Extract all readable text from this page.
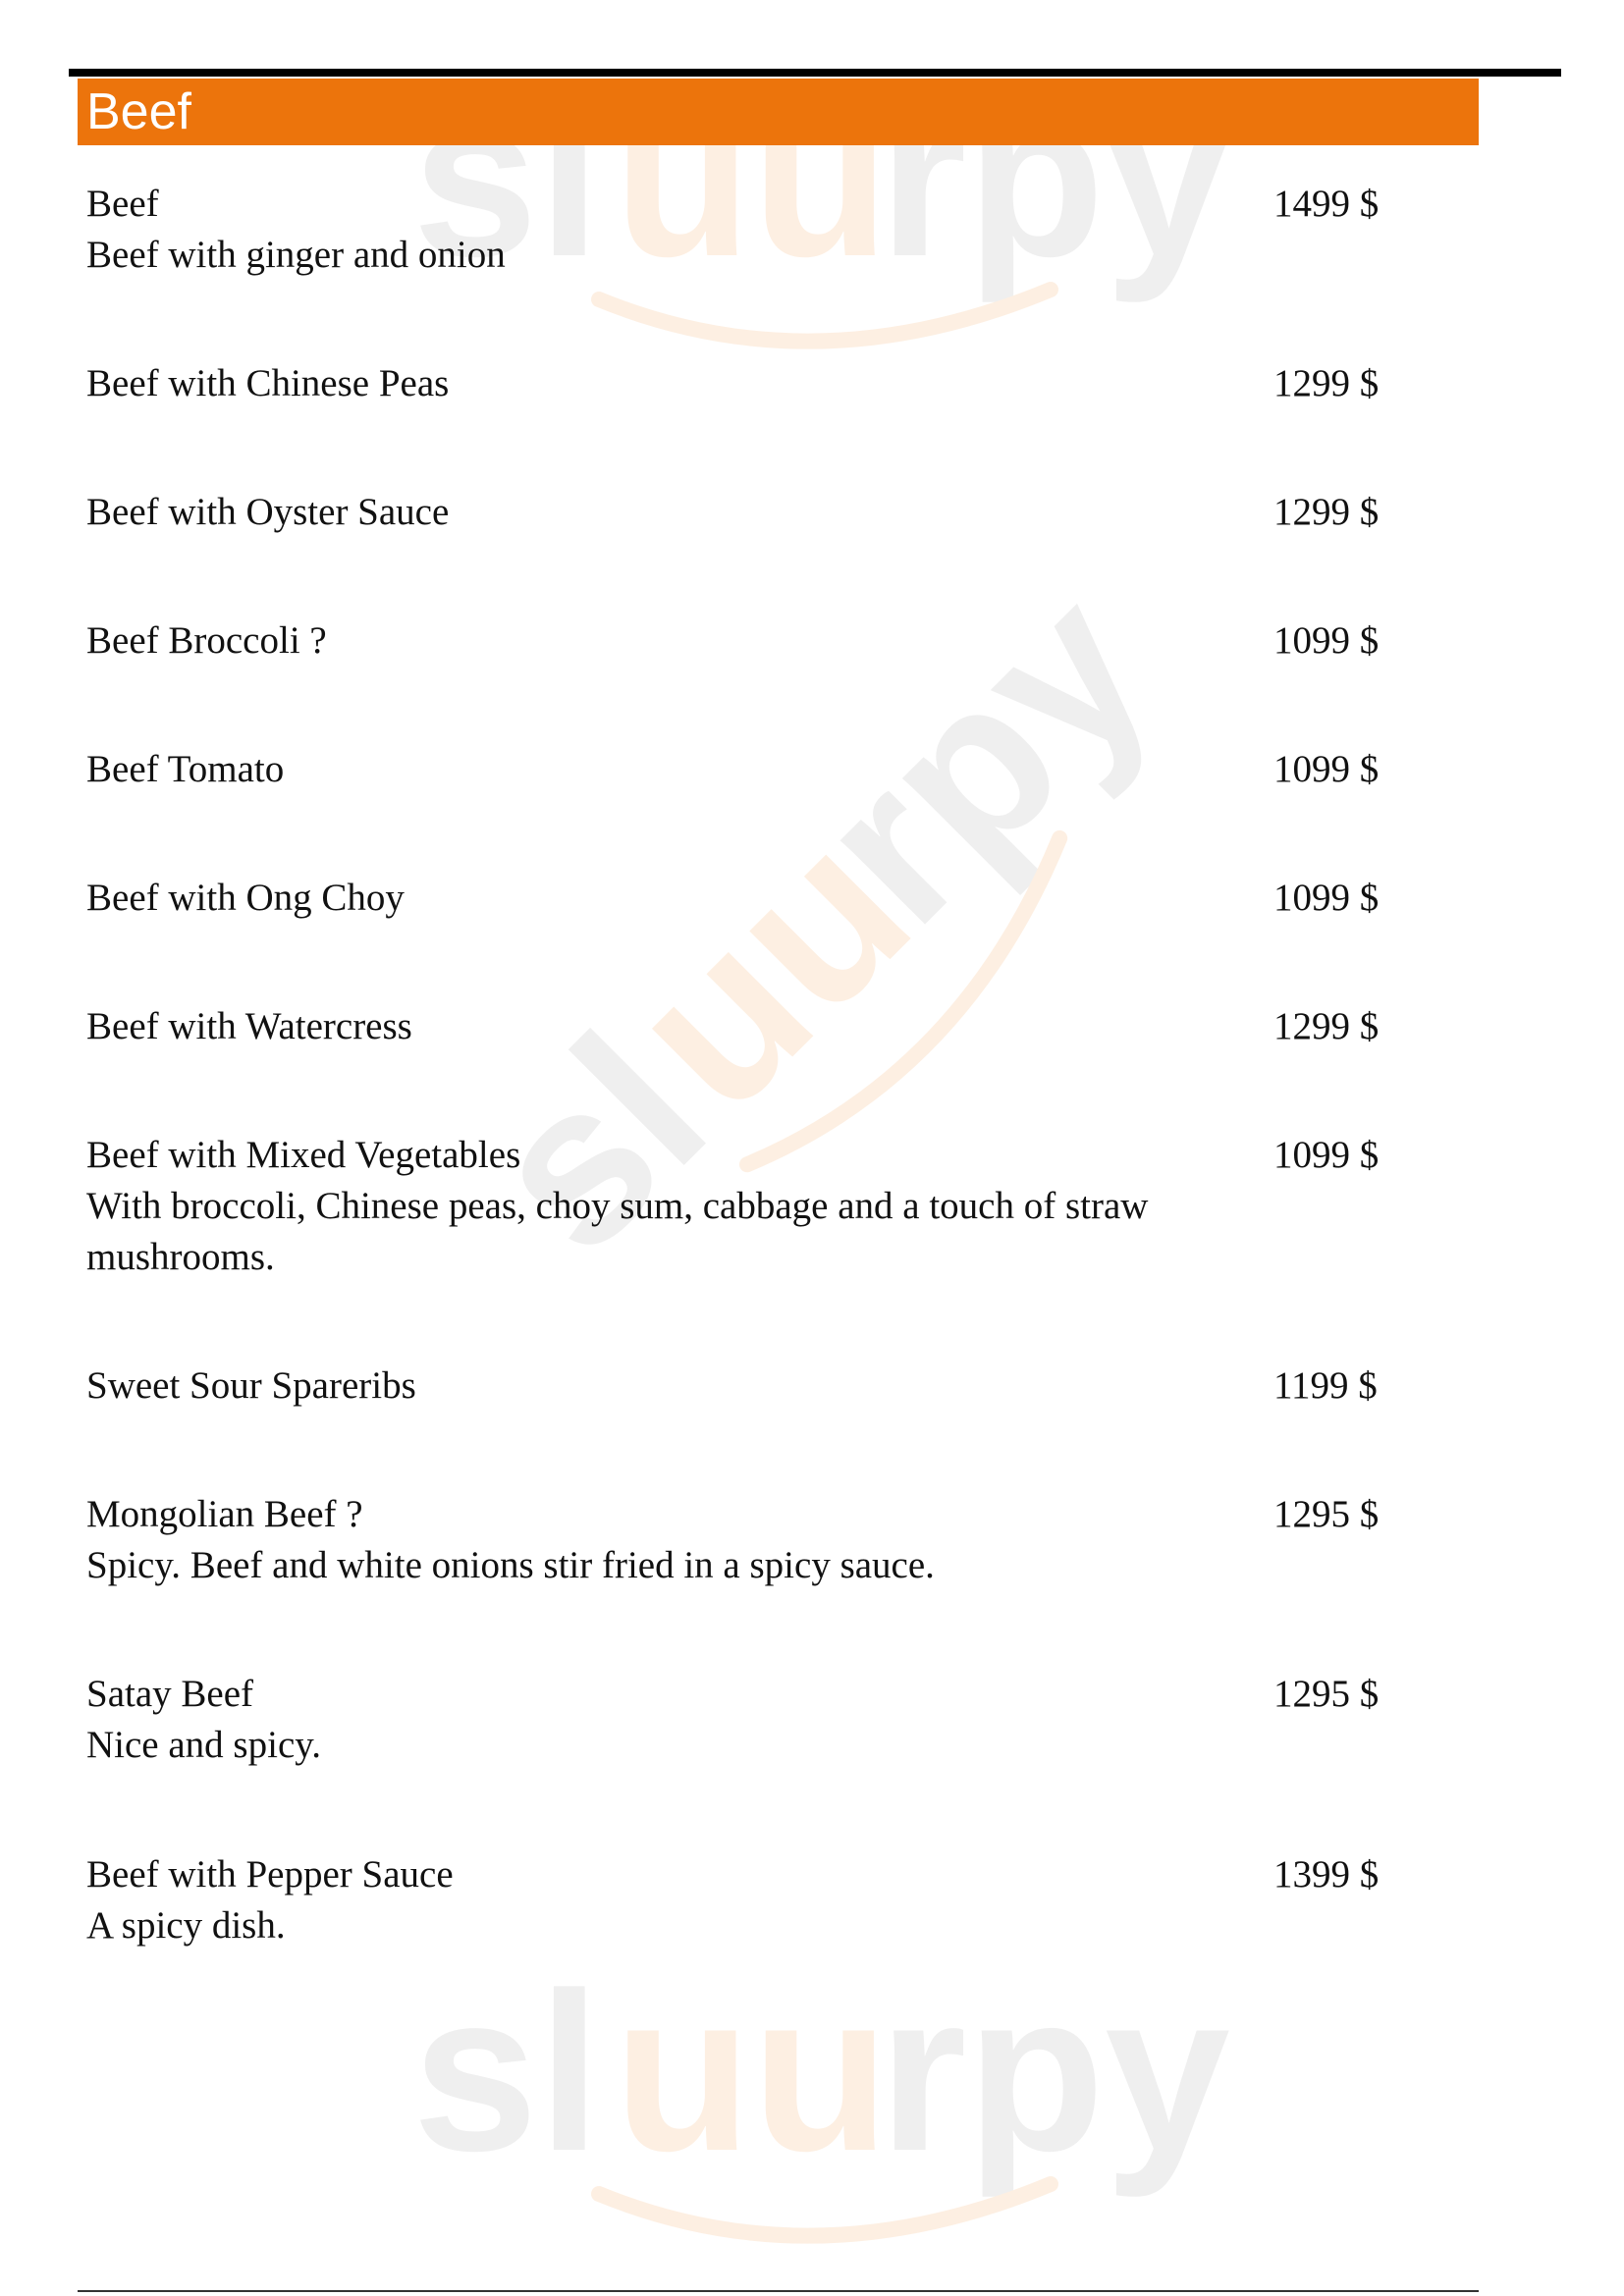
sl uu
rpy
sl
uu
rpy
sl uu
rpy
Beef
Beef
Beef with ginger and onion
1499 $
Beef with Chinese Peas	1299 $
Beef with Oyster Sauce	1299 $
Beef Broccoli ?	1099 $
Beef Tomato	1099 $
Beef with Ong Choy	1099 $
Beef with Watercress	1299 $
Beef with Mixed Vegetables
With broccoli, Chinese peas, choy sum, cabbage and a touch of straw mushrooms.
1099 $
Sweet Sour Spareribs	1199 $
Mongolian Beef ?
Spicy. Beef and white onions stir fried in a spicy sauce.
1295 $
Satay Beef
Nice and spicy.
1295 $
Beef with Pepper Sauce
A spicy dish.
1399 $
